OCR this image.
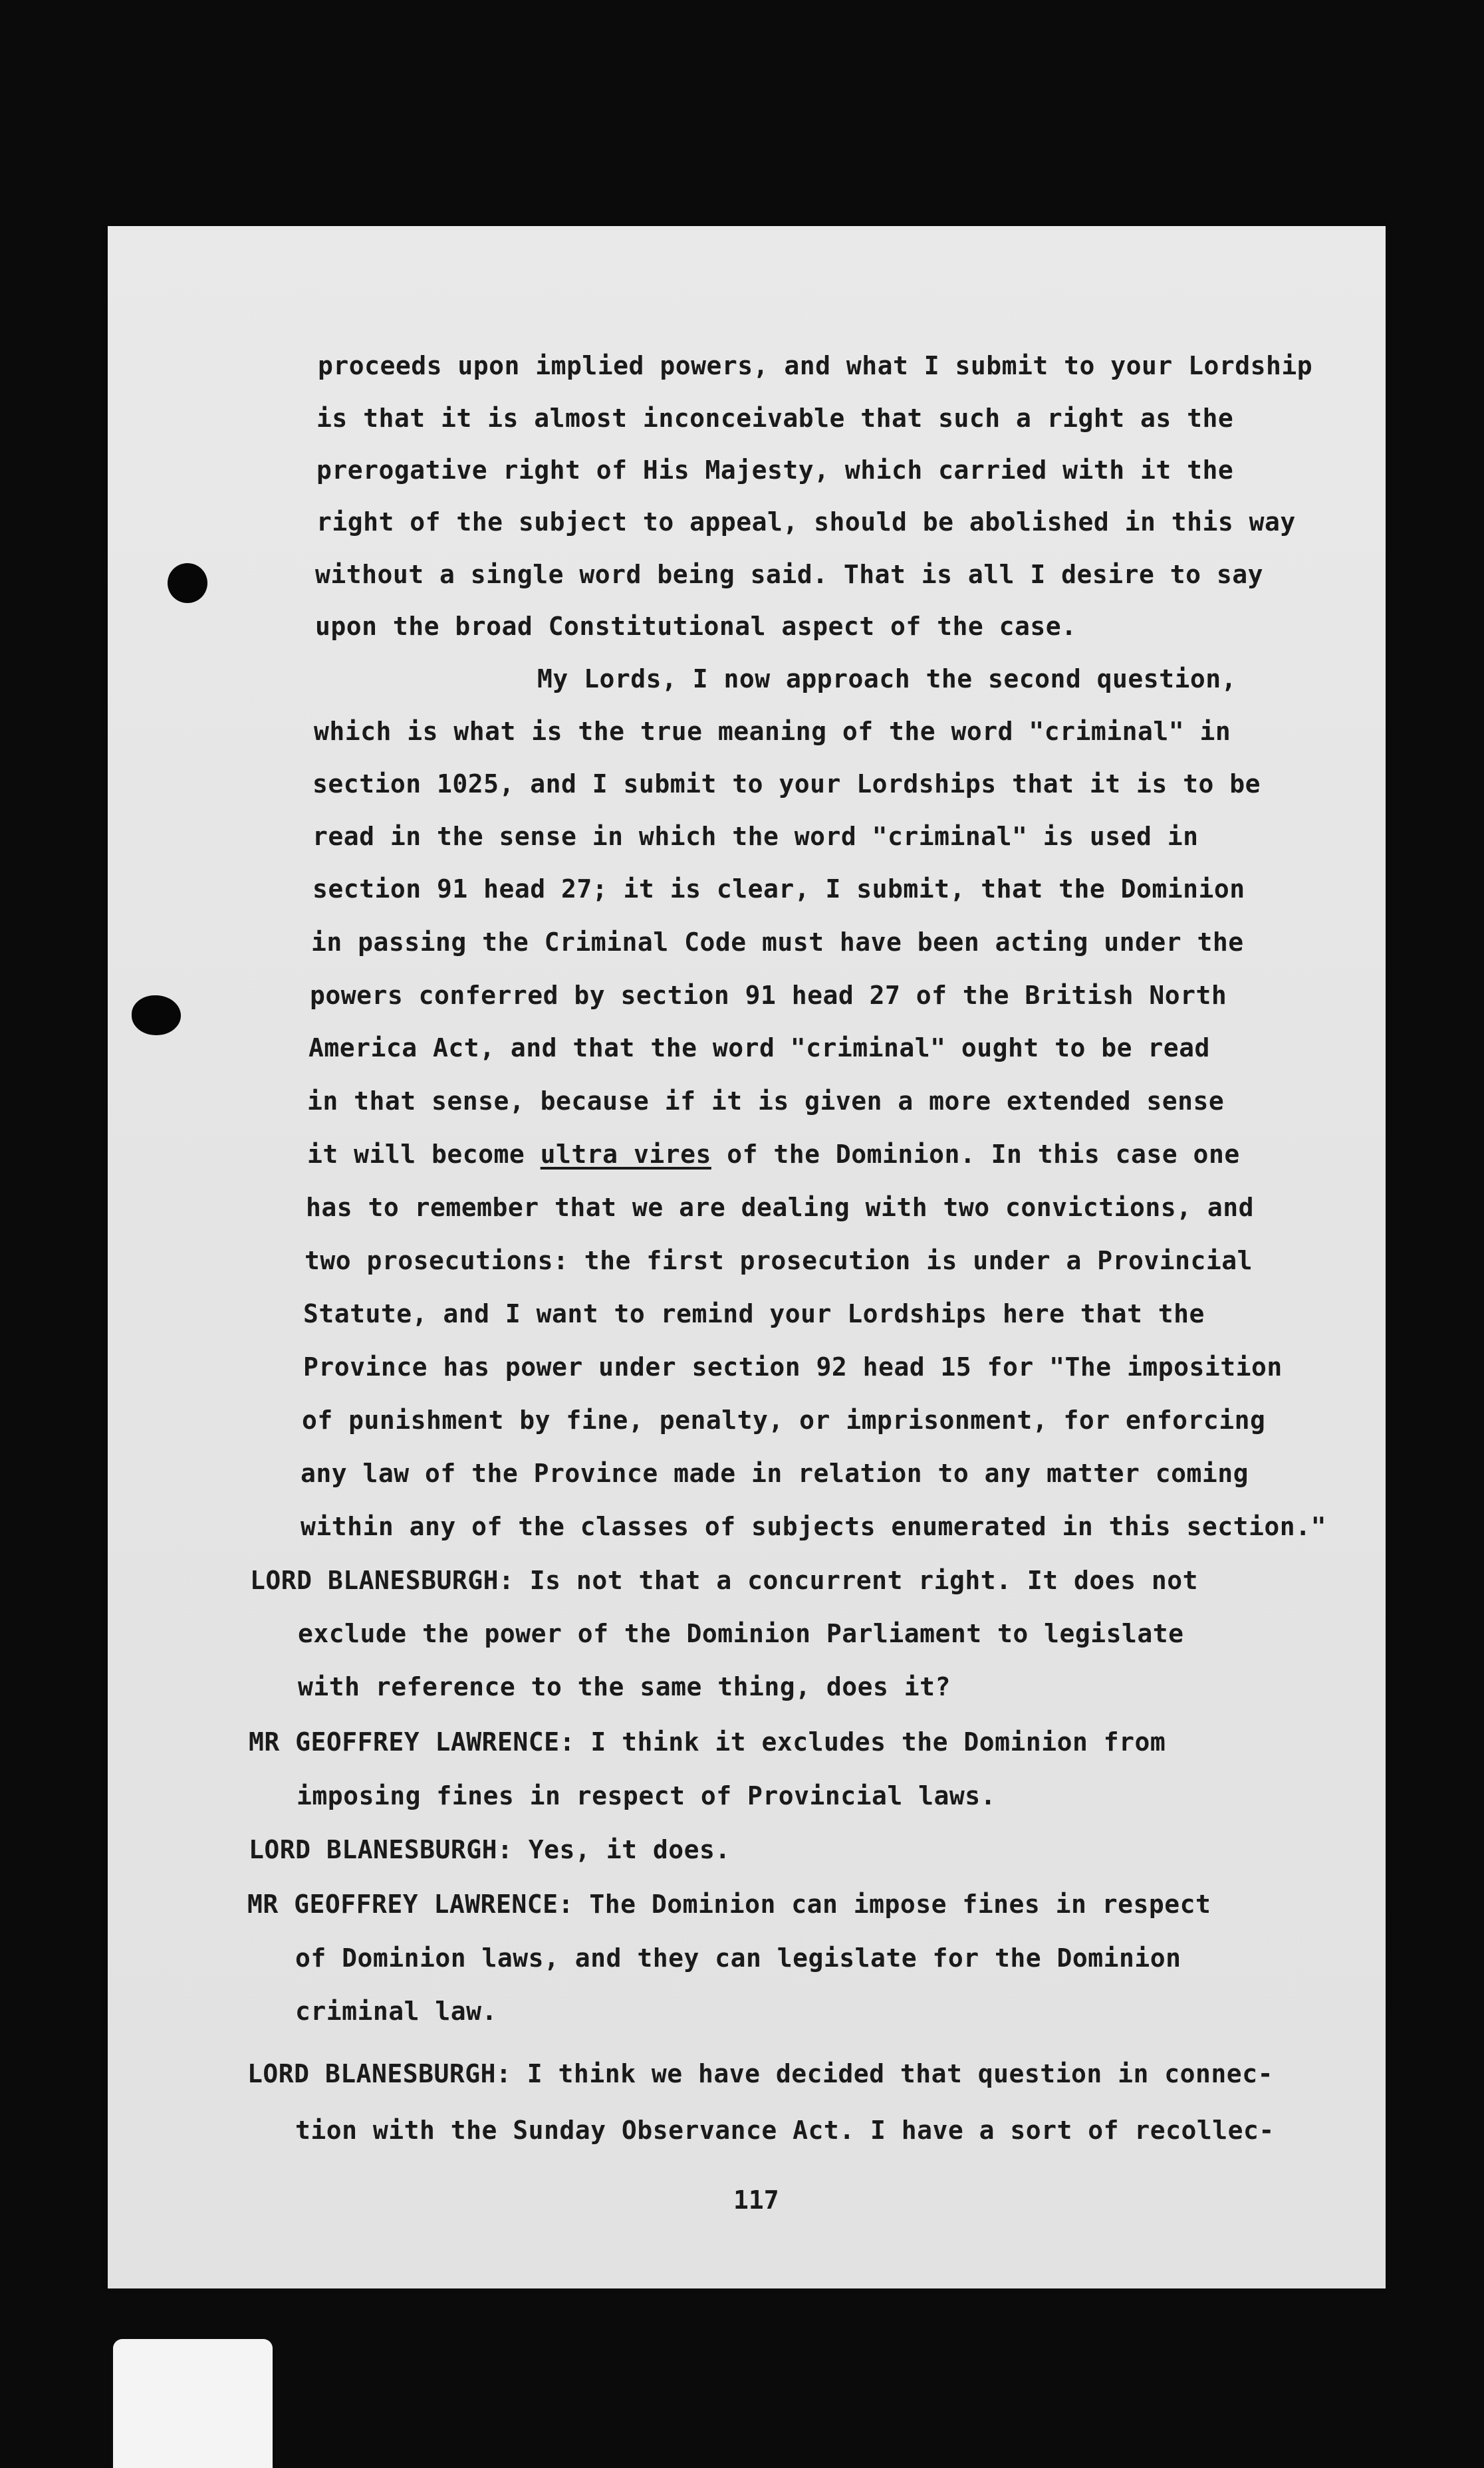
proceeds upon implied powers, and what I submit to your Lordship

is that it is almost inconceivable that such a right as the

prerogative right of His Majesty, which carried with it the

right of the subject to appeal, should be abolished in this way

without a single word being said. That is all I desire to say

upon the broad Constitutional aspect of the case.

My Lords, I now approach the second question,

which is what is the true meaning of the word "criminal" in

section 1025, and I submit to your Lordships that it is to be

read in the sense in which the word "criminal" is used in

section 91 head 27; it is clear, I submit, that the Dominion

in passing the Criminal Code must have been acting under the

powers conferred by section 91 head 27 of the British North

America Act, and that the word "criminal" ought to be read

in that sense, because if it is given a more extended sense

it will become ultra vires of the Dominion. In this case one

has to remember that we are dealing with two convictions, and

two prosecutions: the first prosecution is under a Provincial

Statute, and I want to remind your Lordships here that the

Province has power under section 92 head 15 for "The imposition

of punishment by fine, penalty, or imprisonment, for enforcing

any law of the Province made in relation to any matter coming

within any of the classes of subjects enumerated in this section."

LORD BLANESBURGH: Is not that a concurrent right. It does not

exclude the power of the Dominion Parliament to legislate

with reference to the same thing, does it?

MR GEOFFREY LAWRENCE: I think it excludes the Dominion from

imposing fines in respect of Provincial laws.

LORD BLANESBURGH: Yes, it does.

MR GEOFFREY LAWRENCE: The Dominion can impose fines in respect

of Dominion laws, and they can legislate for the Dominion

criminal law.

LORD BLANESBURGH: I think we have decided that question in connec-

tion with the Sunday Observance Act. I have a sort of recollec-

117
